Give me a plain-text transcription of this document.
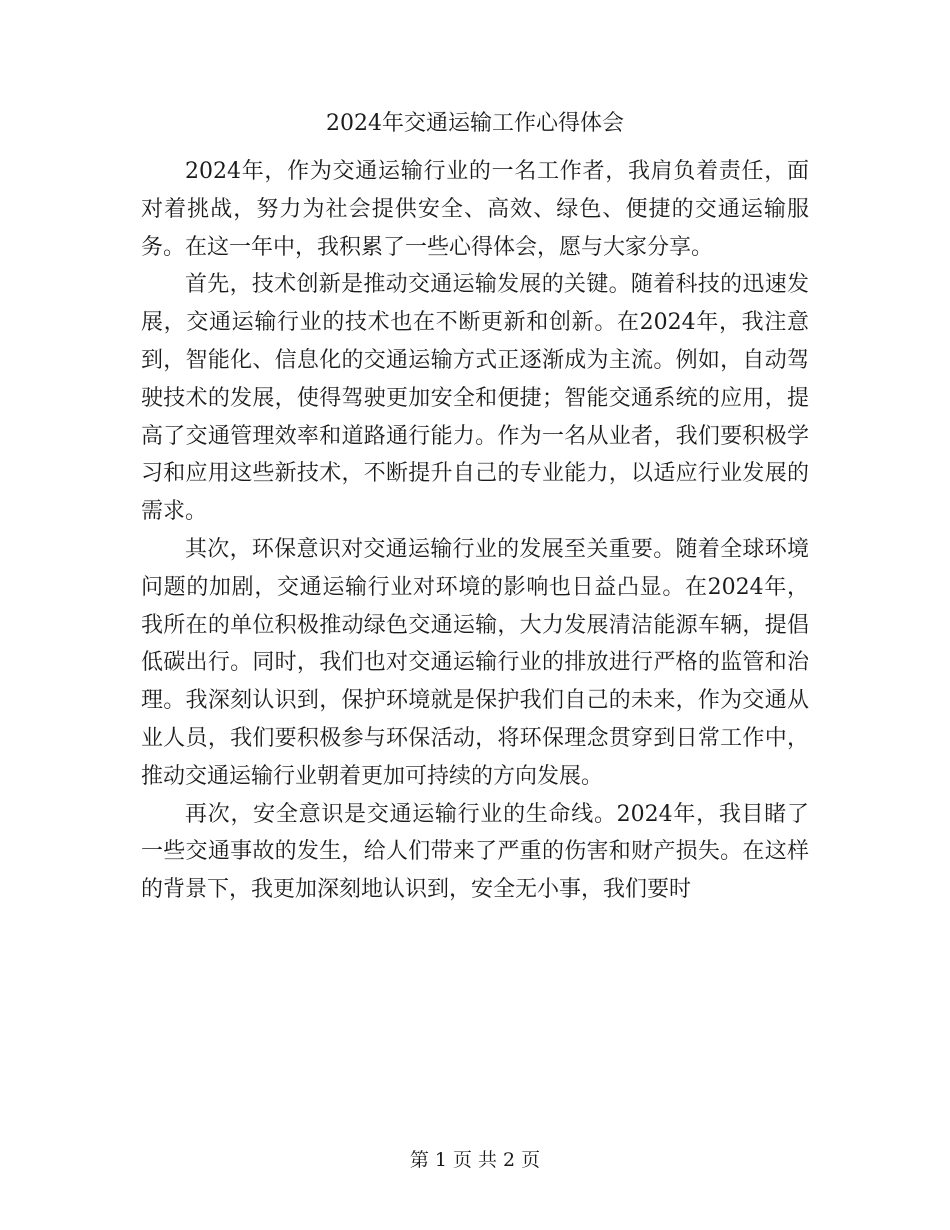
2024年交通运输工作心得体会

2024年，作为交通运输行业的一名工作者，我肩负着责任，面对着挑战，努力为社会提供安全、高效、绿色、便捷的交通运输服务。在这一年中，我积累了一些心得体会，愿与大家分享。

首先，技术创新是推动交通运输发展的关键。随着科技的迅速发展，交通运输行业的技术也在不断更新和创新。在2024年，我注意到，智能化、信息化的交通运输方式正逐渐成为主流。例如，自动驾驶技术的发展，使得驾驶更加安全和便捷；智能交通系统的应用，提高了交通管理效率和道路通行能力。作为一名从业者，我们要积极学习和应用这些新技术，不断提升自己的专业能力，以适应行业发展的需求。

其次，环保意识对交通运输行业的发展至关重要。随着全球环境问题的加剧，交通运输行业对环境的影响也日益凸显。在2024年，我所在的单位积极推动绿色交通运输，大力发展清洁能源车辆，提倡低碳出行。同时，我们也对交通运输行业的排放进行严格的监管和治理。我深刻认识到，保护环境就是保护我们自己的未来，作为交通从业人员，我们要积极参与环保活动，将环保理念贯穿到日常工作中，推动交通运输行业朝着更加可持续的方向发展。

再次，安全意识是交通运输行业的生命线。2024年，我目睹了一些交通事故的发生，给人们带来了严重的伤害和财产损失。在这样的背景下，我更加深刻地认识到，安全无小事，我们要时

第 1 页 共 2 页
